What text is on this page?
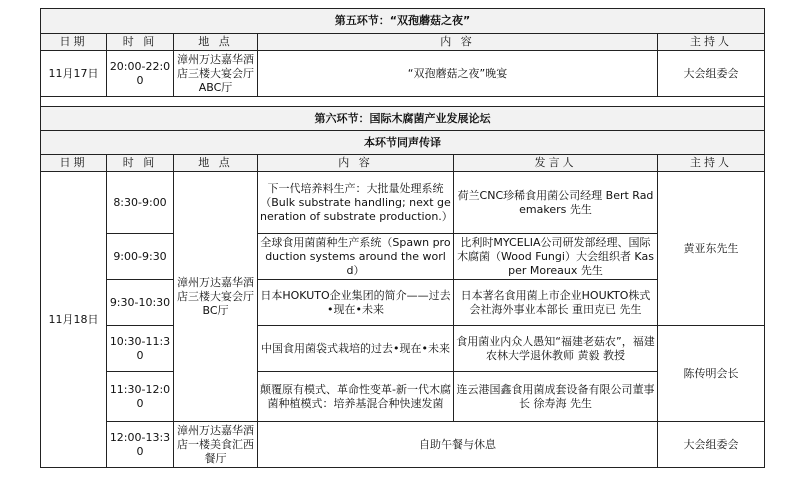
第五环节：“双孢蘑菇之夜”					
日期	时 间	地 点	内 容		主持人
11月17日	20:00-22:00	漳州万达嘉华酒店三楼大宴会厅ABC厅	“双孢蘑菇之夜”晚宴		大会组委会

第六环节：国际木腐菌产业发展论坛					
本环节同声传译					
日期	时 间	地 点	内 容	发言人	主持人
11月18日	8:30-9:00	漳州万达嘉华酒店三楼大宴会厅BC厅	下一代培养料生产：大批量处理系统（Bulk substrate handling; next generation of substrate production.）	荷兰CNC珍稀食用菌公司经理 Bert Rademakers 先生	黄亚东先生
	9:00-9:30		全球食用菌菌种生产系统（Spawn production systems around the world）	比利时MYCELIA公司研发部经理、国际木腐菌（Wood Fungi）大会组织者 Kasper Moreaux 先生	
	9:30-10:30		日本HOKUTO企业集团的简介——过去•现在•未来	日本著名食用菌上市企业HOUKTO株式会社海外事业本部长 重田克已 先生	
	10:30-11:30		中国食用菌袋式栽培的过去•现在•未来	食用菌业内众人愚知“福建老菇农”，福建农林大学退休教师 黄毅 教授	陈传明会长
	11:30-12:00		颠覆原有模式、革命性变革-新一代木腐菌种植模式：培养基混合种快速发菌	连云港国鑫食用菌成套设备有限公司董事长 徐寿海 先生	
	12:00-13:30	漳州万达嘉华酒店一楼美食汇西餐厅	自助午餐与休息		大会组委会
